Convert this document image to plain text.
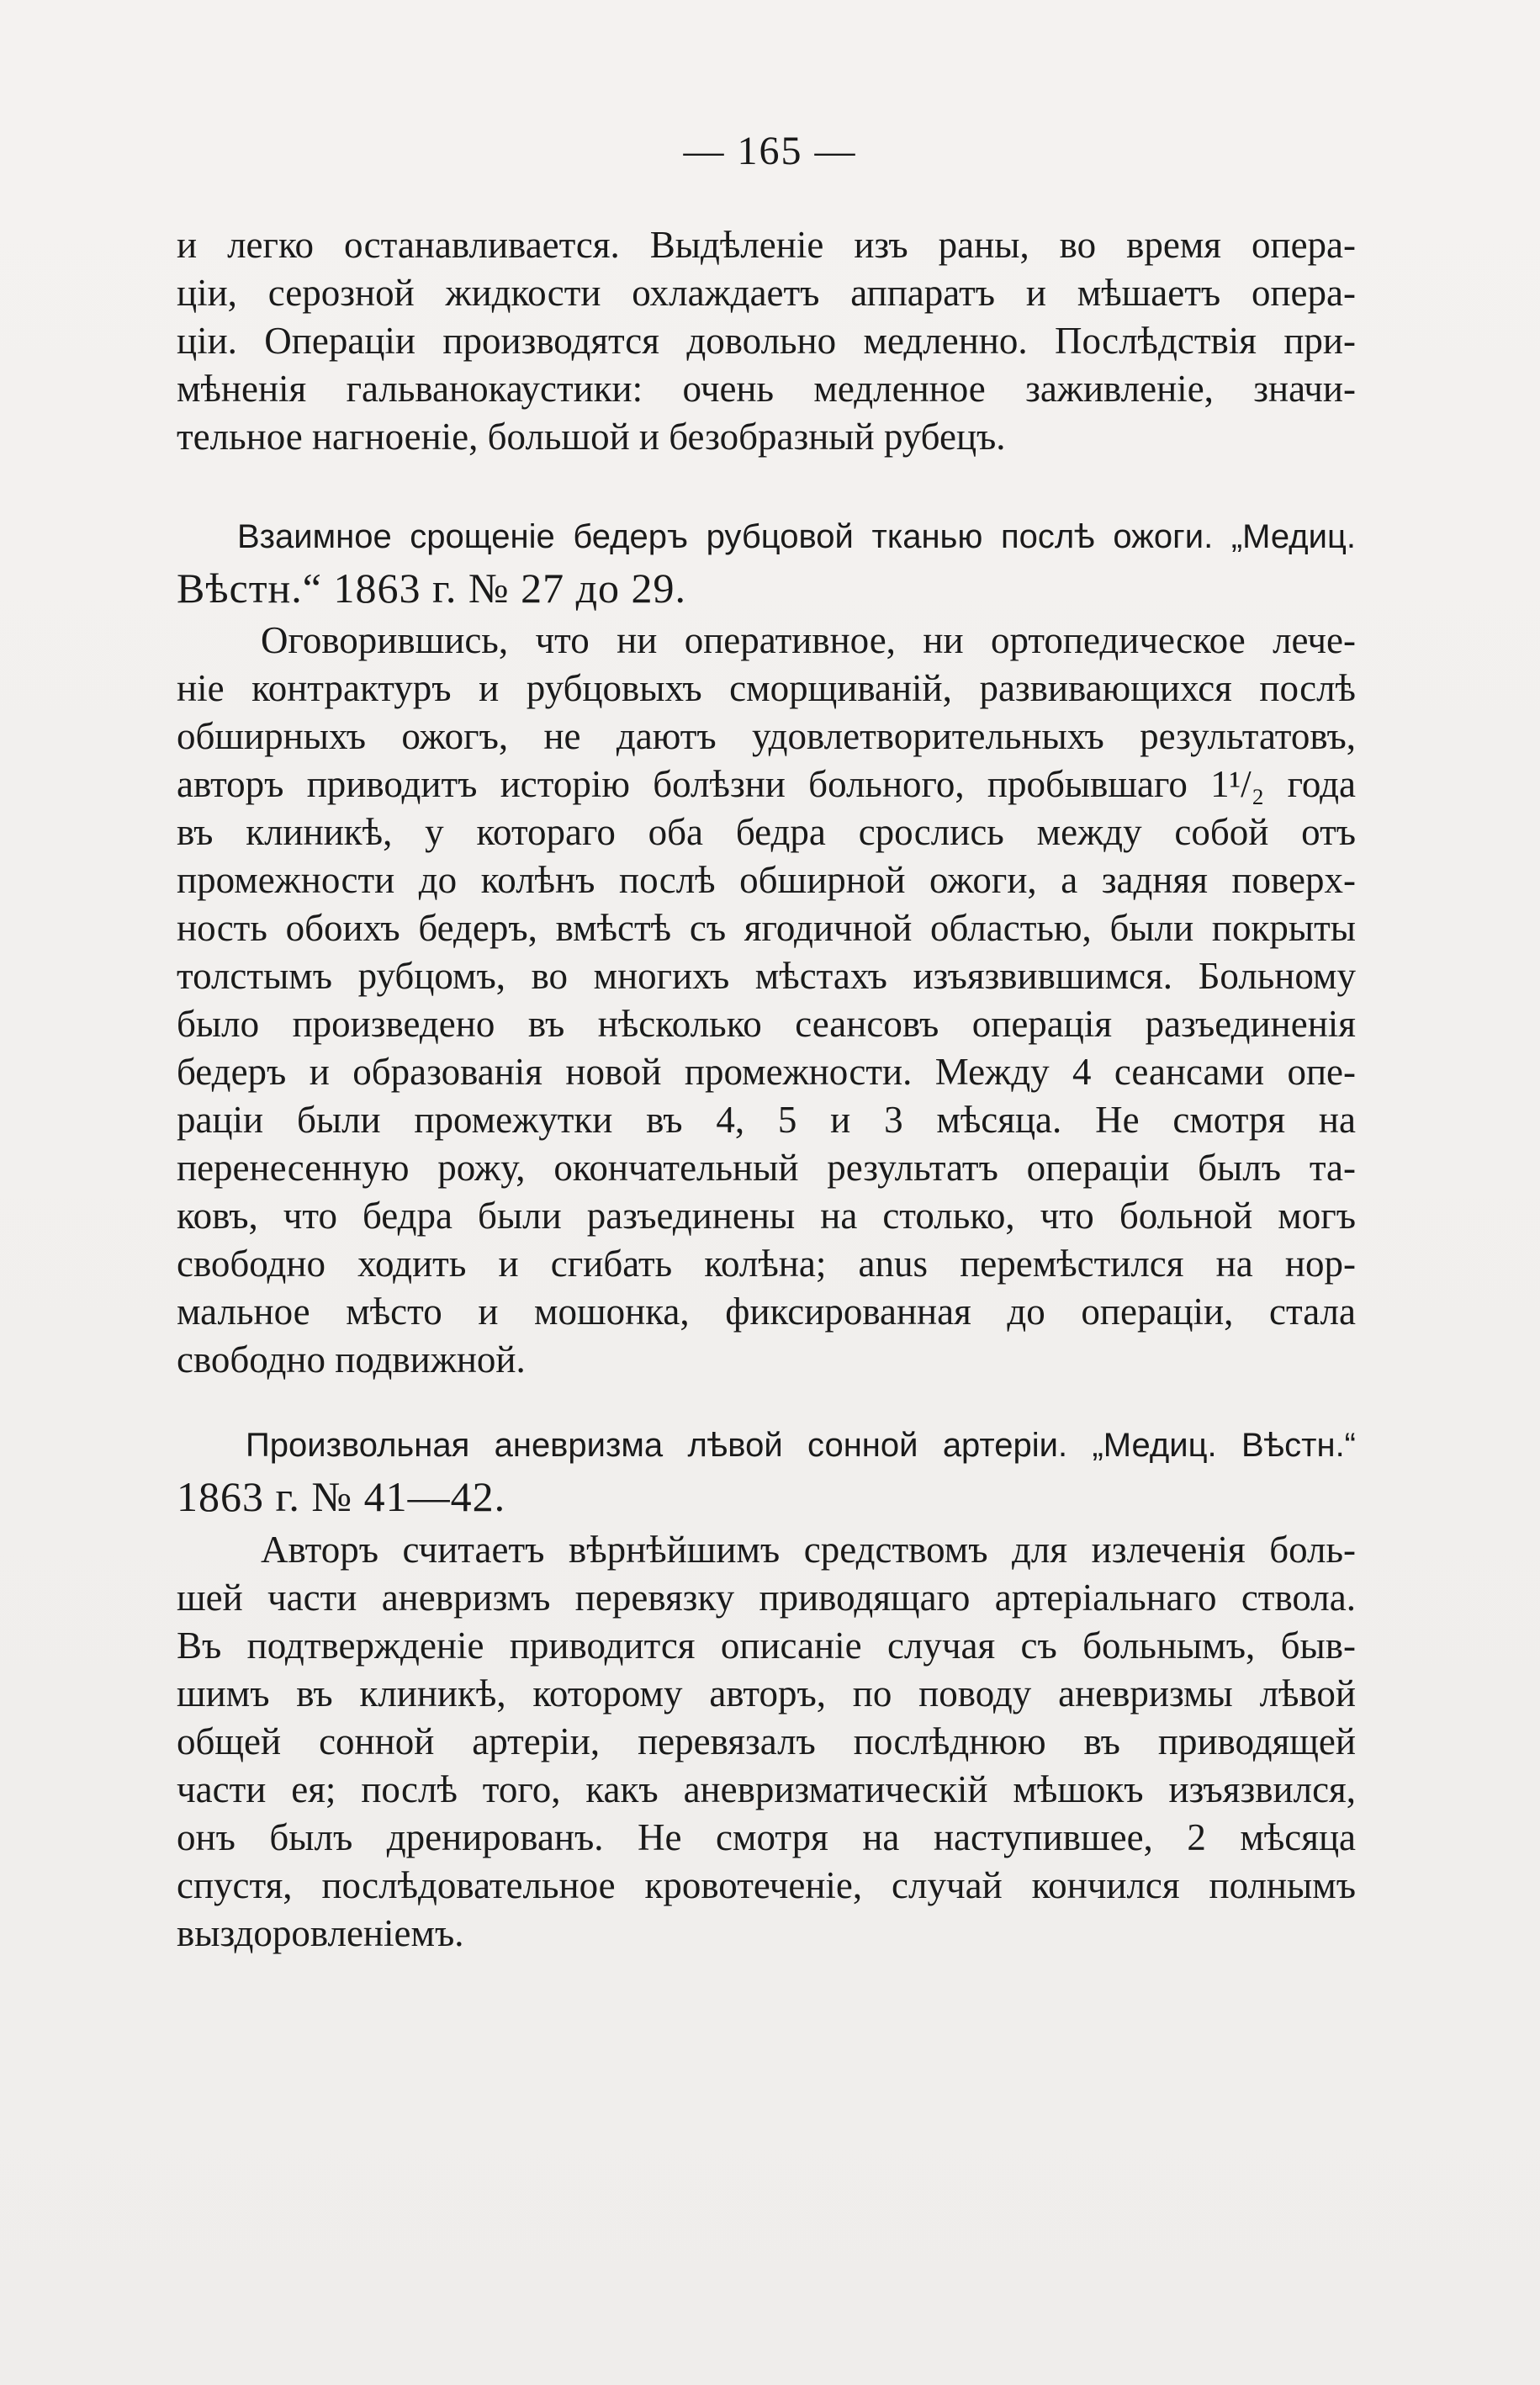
— 165 —
и легко останавливается. Выдѣленіе изъ раны, во время опера-
ціи, серозной жидкости охлаждаетъ аппаратъ и мѣшаетъ опера-
ціи. Операціи производятся довольно медленно. Послѣдствія при-
мѣненія гальванокаустики: очень медленное заживленіе, значи-
тельное нагноеніе, большой и безобразный рубецъ.
Взаимное срощеніе бедеръ рубцовой тканью послѣ ожоги. „Медиц.
Вѣстн.“ 1863 г. № 27 до 29.
Оговорившись, что ни оперативное, ни ортопедическое лече-
ніе контрактуръ и рубцовыхъ сморщиваній, развивающихся послѣ
обширныхъ ожогъ, не даютъ удовлетворительныхъ результатовъ,
авторъ приводитъ исторію болѣзни больного, пробывшаго 1¹/₂ года
въ клиникѣ, у котораго оба бедра срослись между собой отъ
промежности до колѣнъ послѣ обширной ожоги, а задняя поверх-
ность обоихъ бедеръ, вмѣстѣ съ ягодичной областью, были покрыты
толстымъ рубцомъ, во многихъ мѣстахъ изъязвившимся. Больному
было произведено въ нѣсколько сеансовъ операція разъединенія
бедеръ и образованія новой промежности. Между 4 сеансами опе-
раціи были промежутки въ 4, 5 и 3 мѣсяца. Не смотря на
перенесенную рожу, окончательный результатъ операціи былъ та-
ковъ, что бедра были разъединены на столько, что больной могъ
свободно ходить и сгибать колѣна; anus перемѣстился на нор-
мальное мѣсто и мошонка, фиксированная до операціи, стала
свободно подвижной.
Произвольная аневризма лѣвой сонной артеріи. „Медиц. Вѣстн.“
1863 г. № 41—42.
Авторъ считаетъ вѣрнѣйшимъ средствомъ для излеченія боль-
шей части аневризмъ перевязку приводящаго артеріальнаго ствола.
Въ подтвержденіе приводится описаніе случая съ больнымъ, быв-
шимъ въ клиникѣ, которому авторъ, по поводу аневризмы лѣвой
общей сонной артеріи, перевязалъ послѣднюю въ приводящей
части ея; послѣ того, какъ аневризматическій мѣшокъ изъязвился,
онъ былъ дренированъ. Не смотря на наступившее, 2 мѣсяца
спустя, послѣдовательное кровотеченіе, случай кончился полнымъ
выздоровленіемъ.
